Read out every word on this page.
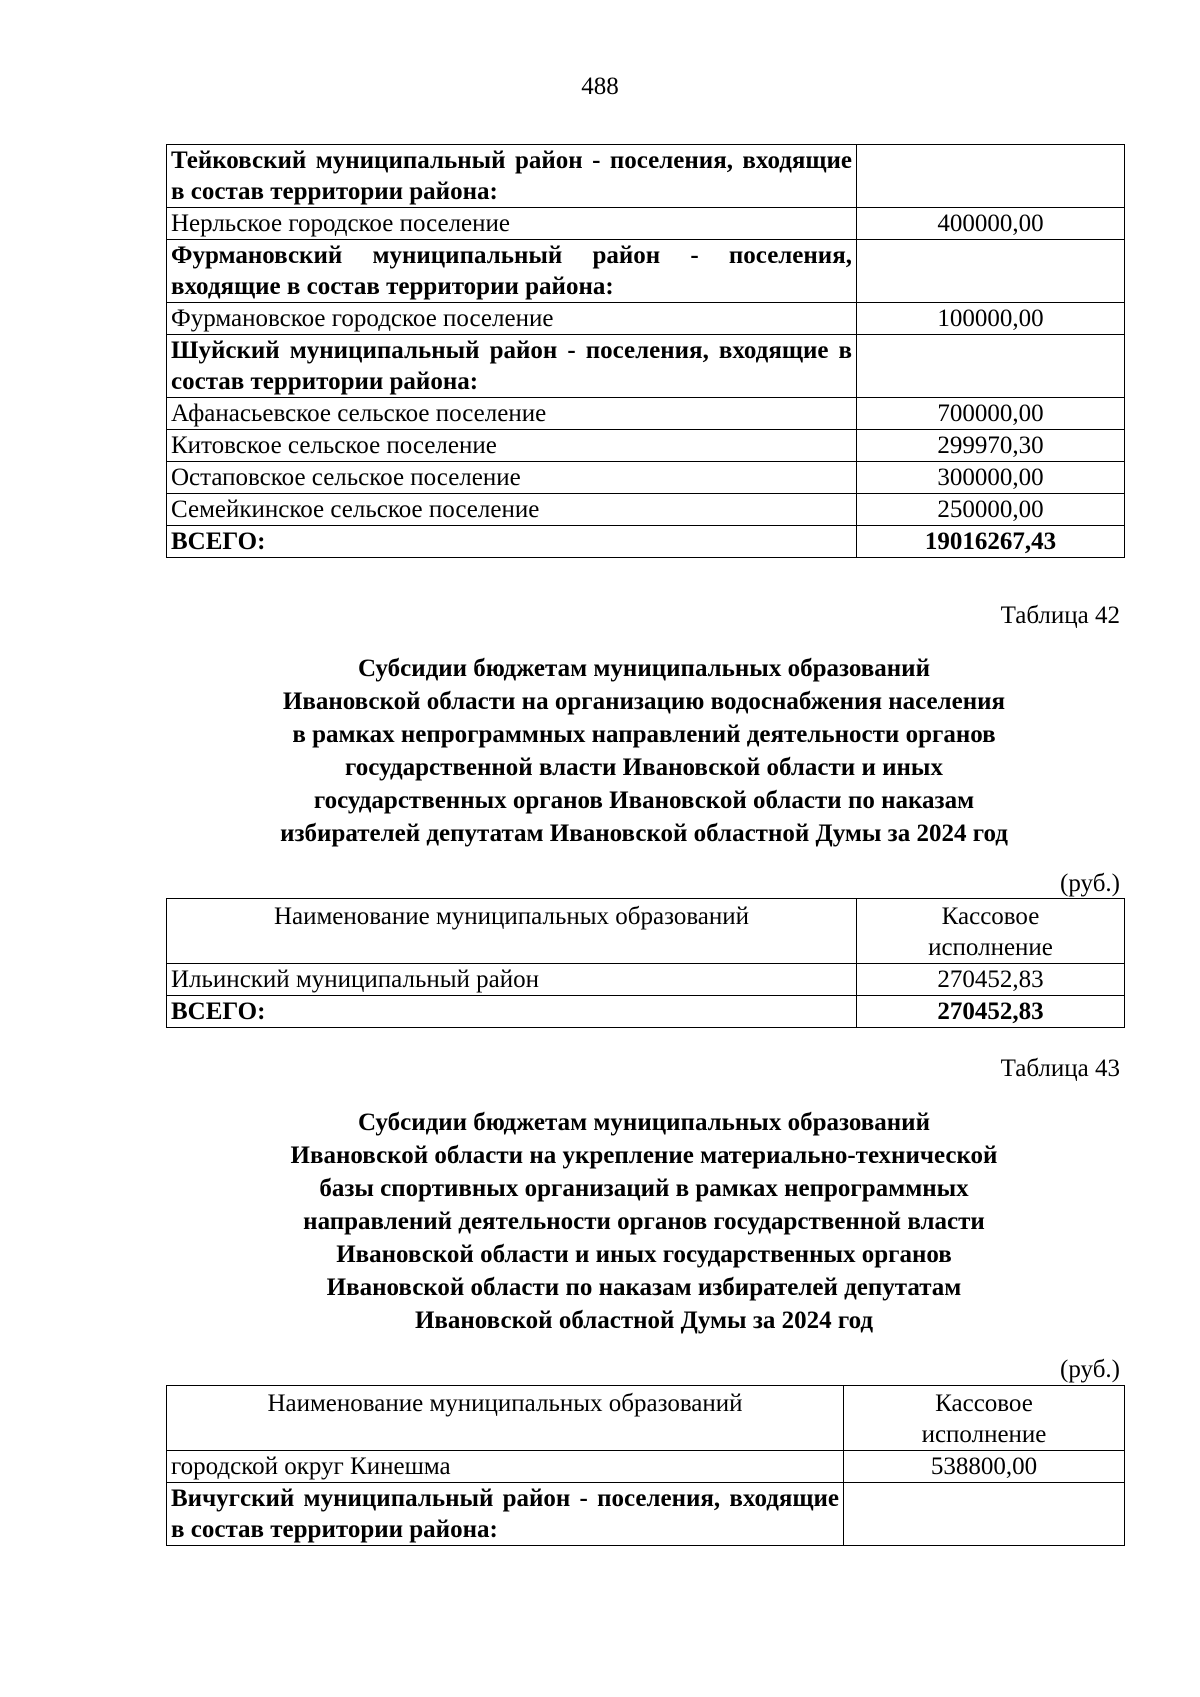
488
Тейковский муниципальный район - поселения, входящие в состав территории района:	
Нерльское городское поселение	400000,00
Фурмановский муниципальный район - поселения, входящие в состав территории района:	
Фурмановское городское поселение	100000,00
Шуйский муниципальный район - поселения, входящие в состав территории района:	
Афанасьевское сельское поселение	700000,00
Китовское сельское поселение	299970,30
Остаповское сельское поселение	300000,00
Семейкинское сельское поселение	250000,00
ВСЕГО:	19016267,43
Таблица 42
Субсидии бюджетам муниципальных образований
Ивановской области на организацию водоснабжения населения
в рамках непрограммных направлений деятельности органов
государственной власти Ивановской области и иных
государственных органов Ивановской области по наказам
избирателей депутатам Ивановской областной Думы за 2024 год
(руб.)
Наименование муниципальных образований	Кассовое
исполнение

Ильинский муниципальный район	270452,83
ВСЕГО:	270452,83
Таблица 43
Субсидии бюджетам муниципальных образований
Ивановской области на укрепление материально-технической
базы спортивных организаций в рамках непрограммных
направлений деятельности органов государственной власти
Ивановской области и иных государственных органов
Ивановской области по наказам избирателей депутатам
Ивановской областной Думы за 2024 год
(руб.)
Наименование муниципальных образований	Кассовое
исполнение

городской округ Кинешма	538800,00
Вичугский муниципальный район - поселения, входящие в состав территории района:	
